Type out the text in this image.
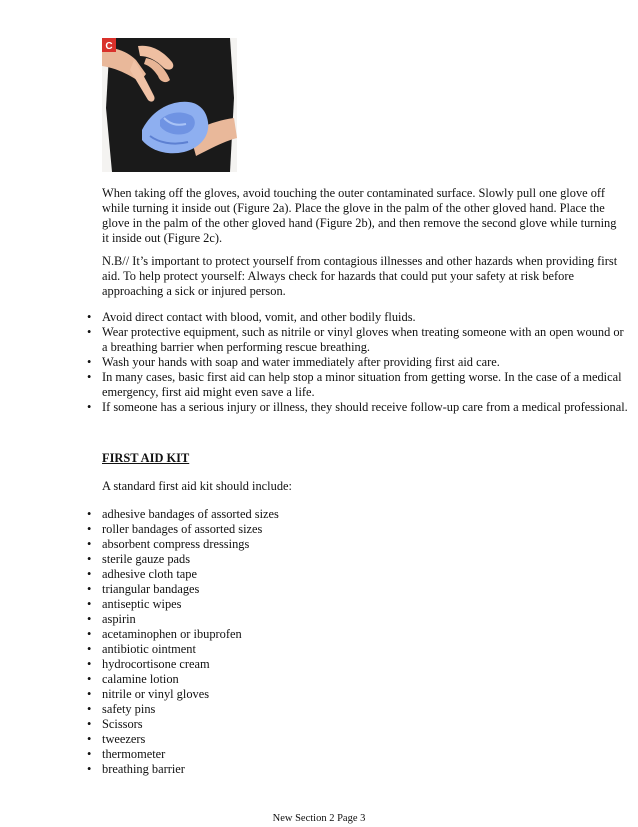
C

When taking off the gloves, avoid touching the outer contaminated surface. Slowly pull one glove off while turning it inside out (Figure 2a). Place the glove in the palm of the other gloved hand. Place the glove in the palm of the other gloved hand (Figure 2b), and then remove the second glove while turning it inside out (Figure 2c).

N.B// It’s important to protect yourself from contagious illnesses and other hazards when providing first aid. To help protect yourself: Always check for hazards that could put your safety at risk before approaching a sick or injured person.

• Avoid direct contact with blood, vomit, and other bodily fluids.
• Wear protective equipment, such as nitrile or vinyl gloves when treating someone with an open wound or a breathing barrier when performing rescue breathing.
• Wash your hands with soap and water immediately after providing first aid care.
• In many cases, basic first aid can help stop a minor situation from getting worse. In the case of a medical emergency, first aid might even save a life.
• If someone has a serious injury or illness, they should receive follow-up care from a medical professional.
FIRST AID KIT

A standard first aid kit should include:

• adhesive bandages of assorted sizes
• roller bandages of assorted sizes
• absorbent compress dressings
• sterile gauze pads
• adhesive cloth tape
• triangular bandages
• antiseptic wipes
• aspirin
• acetaminophen or ibuprofen
• antibiotic ointment
• hydrocortisone cream
• calamine lotion
• nitrile or vinyl gloves
• safety pins
• Scissors
• tweezers
• thermometer
• breathing barrier
New Section 2 Page 3
